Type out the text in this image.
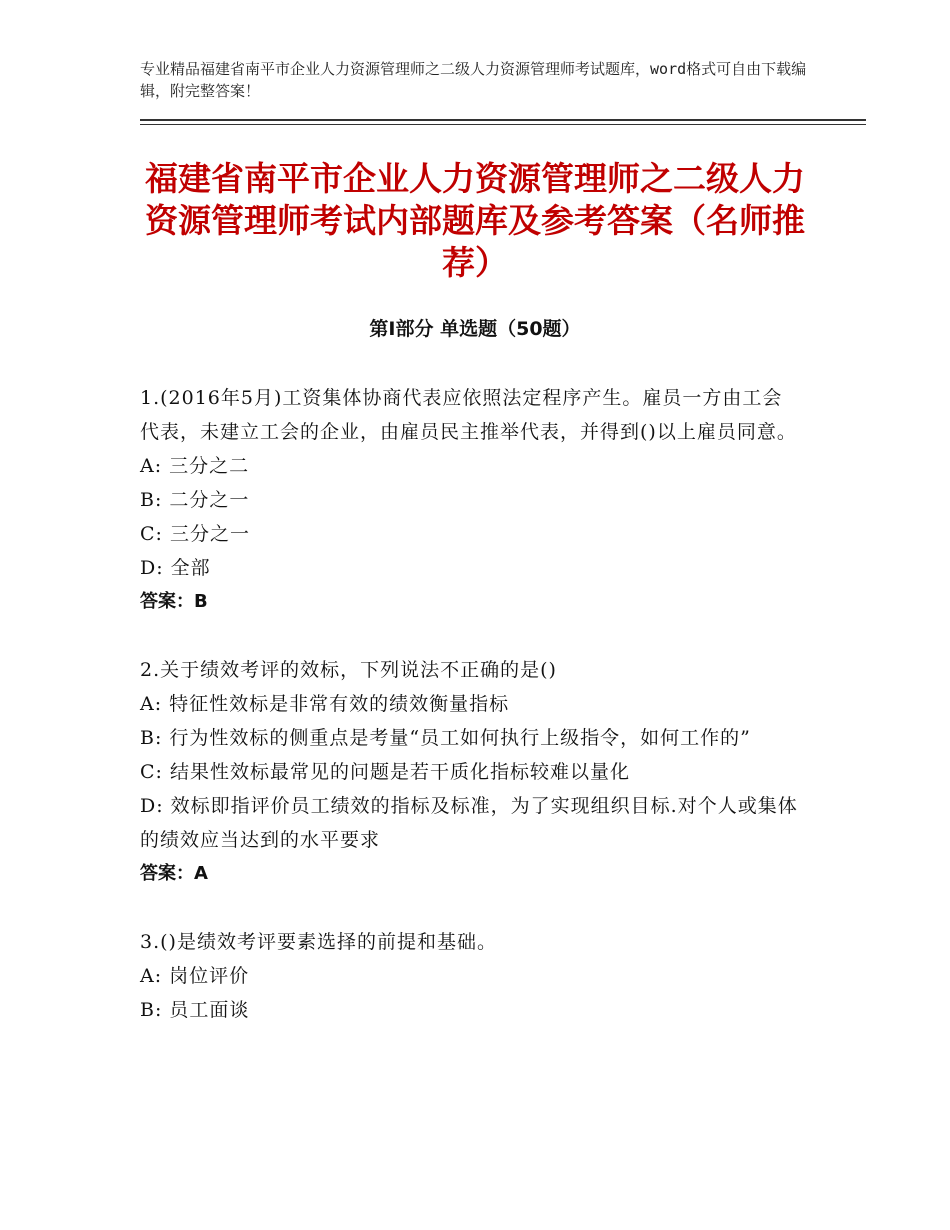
专业精品福建省南平市企业人力资源管理师之二级人力资源管理师考试题库，word格式可自由下载编辑，附完整答案！
福建省南平市企业人力资源管理师之二级人力资源管理师考试内部题库及参考答案（名师推荐）
第Ⅰ部分 单选题（50题）

1.(2016年5月)工资集体协商代表应依照法定程序产生。雇员一方由工会代表，未建立工会的企业，由雇员民主推举代表，并得到()以上雇员同意。

A: 三分之二

B: 二分之一

C: 三分之一

D: 全部

答案：B

2.关于绩效考评的效标，下列说法不正确的是()

A: 特征性效标是非常有效的绩效衡量指标

B: 行为性效标的侧重点是考量“员工如何执行上级指令，如何工作的”

C: 结果性效标最常见的问题是若干质化指标较难以量化

D: 效标即指评价员工绩效的指标及标准，为了实现组织目标.对个人或集体的绩效应当达到的水平要求

答案：A

3.()是绩效考评要素选择的前提和基础。

A: 岗位评价

B: 员工面谈
